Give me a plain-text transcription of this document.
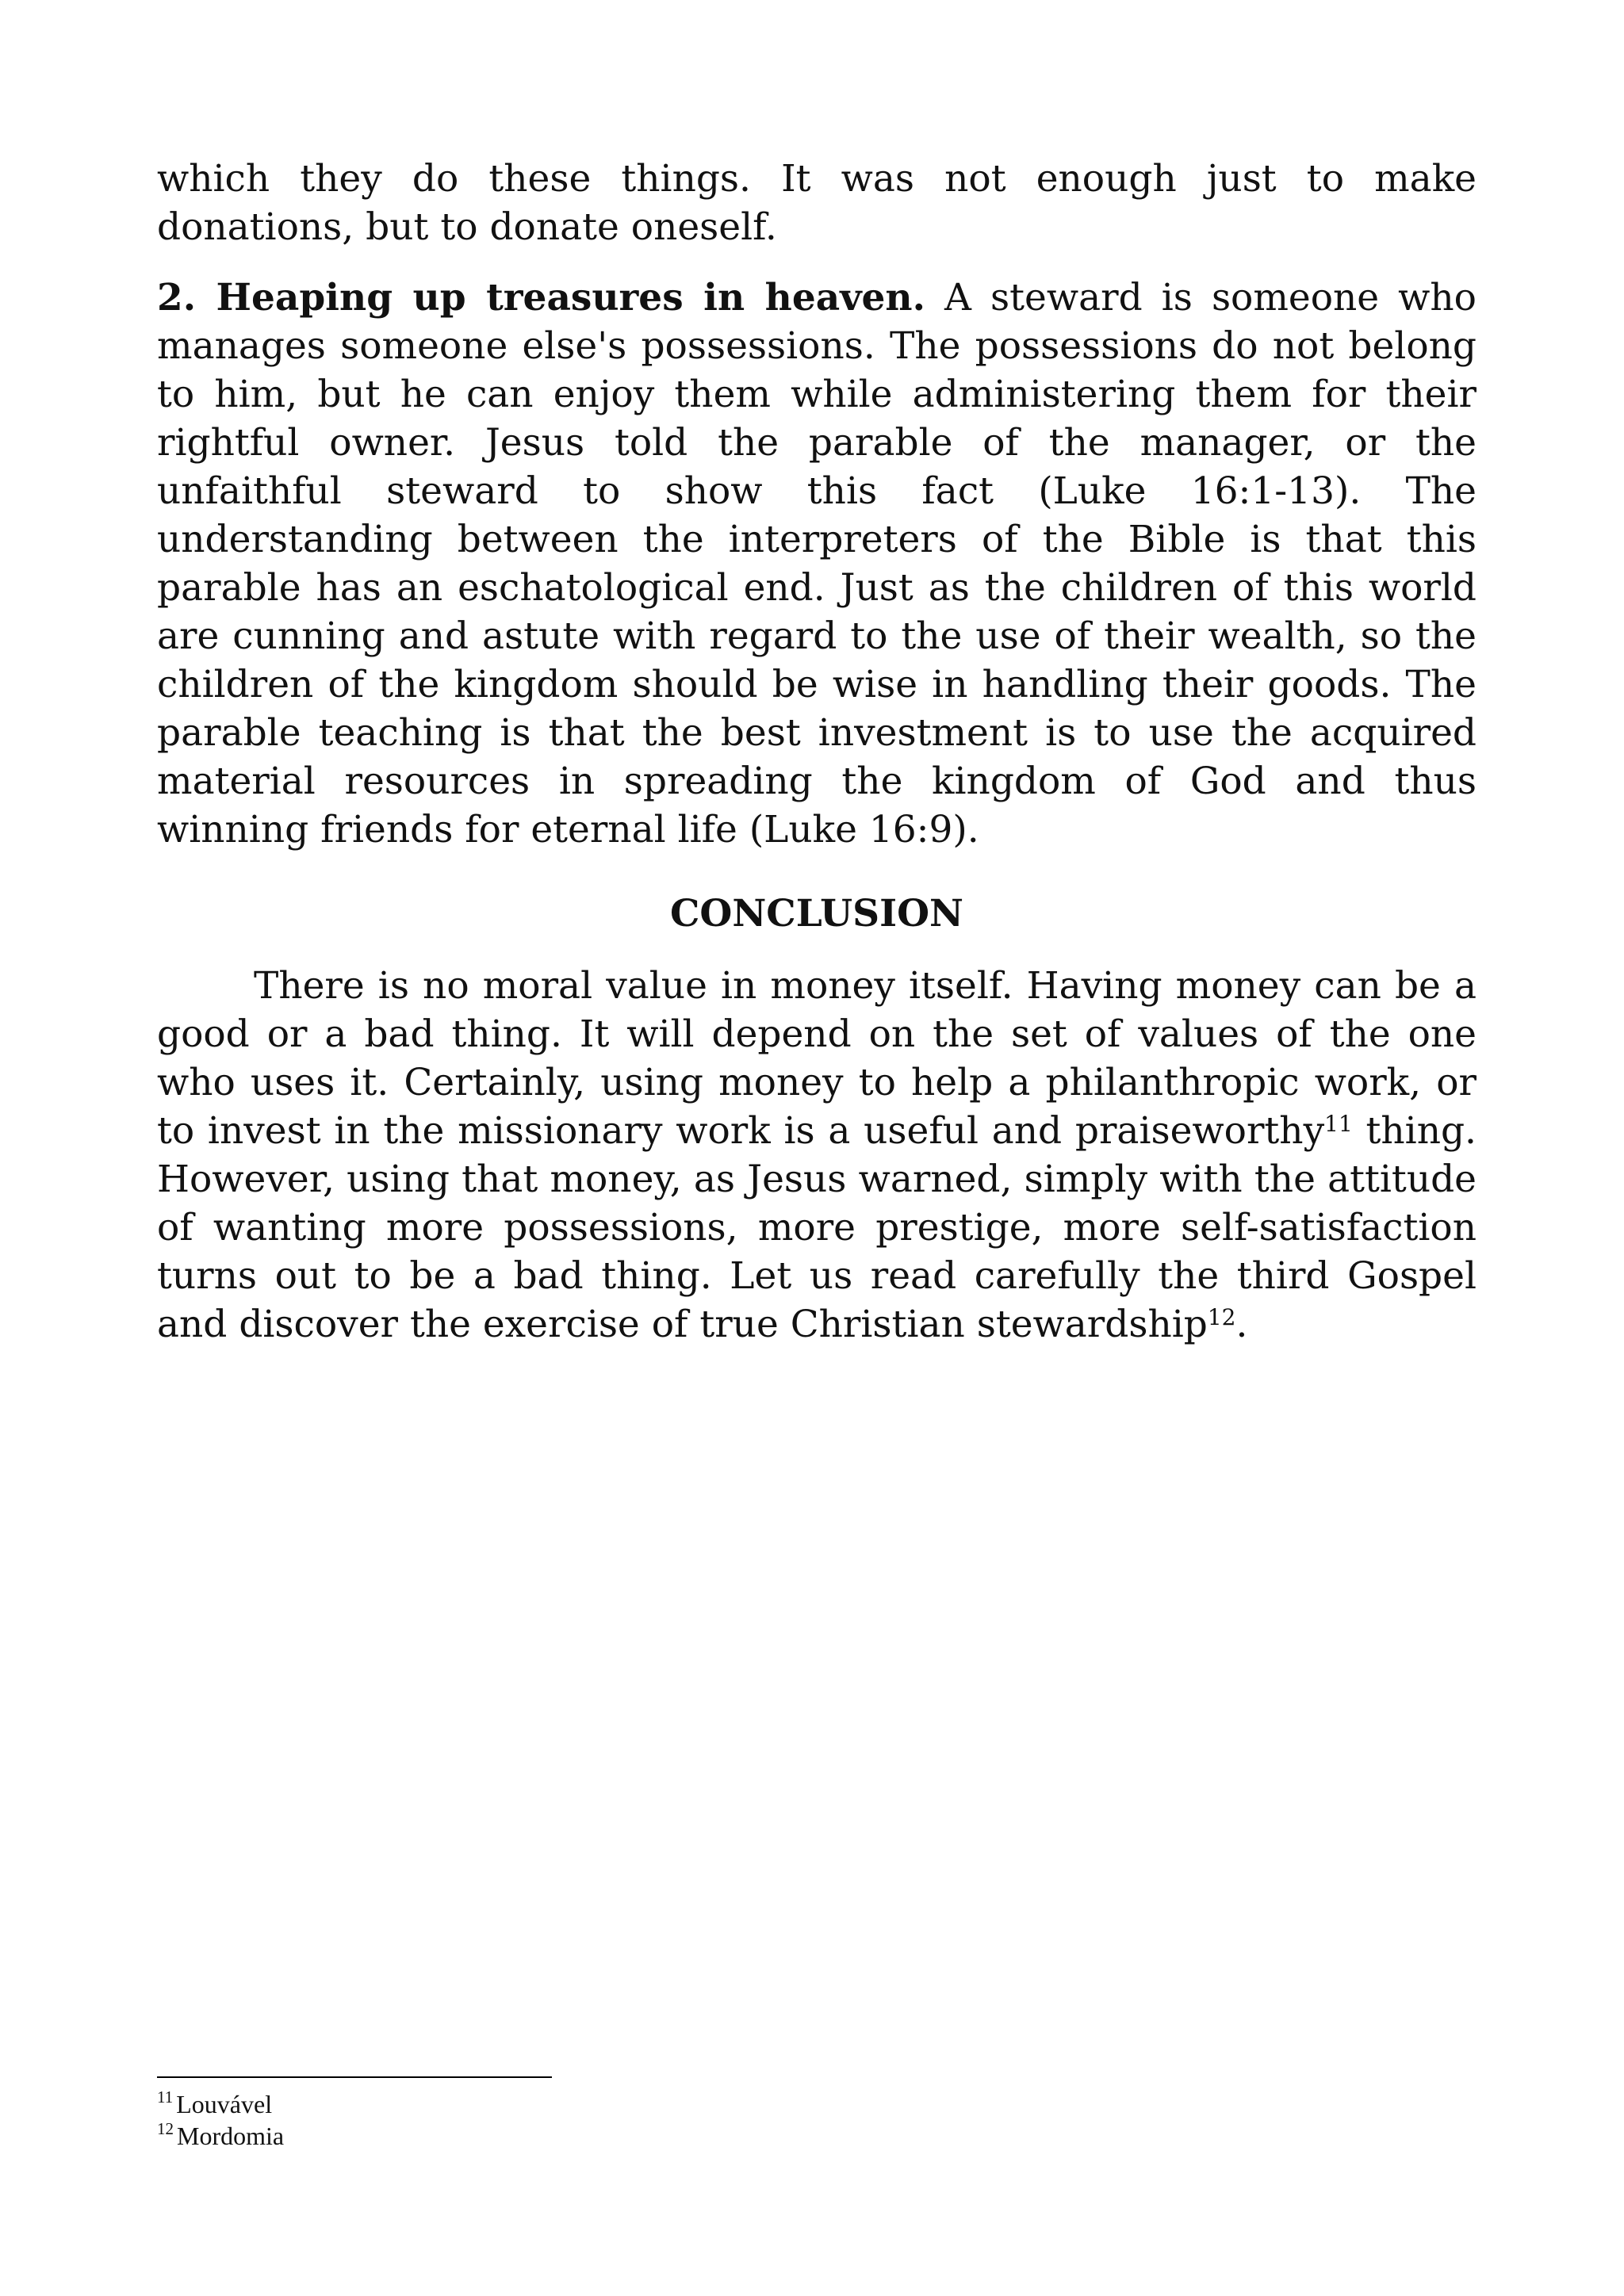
which they do these things. It was not enough just to make donations, but to donate oneself.

2. Heaping up treasures in heaven. A steward is someone who manages someone else's possessions. The possessions do not belong to him, but he can enjoy them while administering them for their rightful owner. Jesus told the parable of the manager, or the unfaithful steward to show this fact (Luke 16:1-13). The understanding between the interpreters of the Bible is that this parable has an eschatological end. Just as the children of this world are cunning and astute with regard to the use of their wealth, so the children of the kingdom should be wise in handling their goods. The parable teaching is that the best investment is to use the acquired material resources in spreading the kingdom of God and thus winning friends for eternal life (Luke 16:9).

CONCLUSION

There is no moral value in money itself. Having money can be a good or a bad thing. It will depend on the set of values of the one who uses it. Certainly, using money to help a philanthropic work, or to invest in the missionary work is a useful and praiseworthy$^{11}$ thing. However, using that money, as Jesus warned, simply with the attitude of wanting more possessions, more prestige, more self-satisfaction turns out to be a bad thing. Let us read carefully the third Gospel and discover the exercise of true Christian stewardship$^{12}$.

$^{11}$ Louvável

$^{12}$ Mordomia
